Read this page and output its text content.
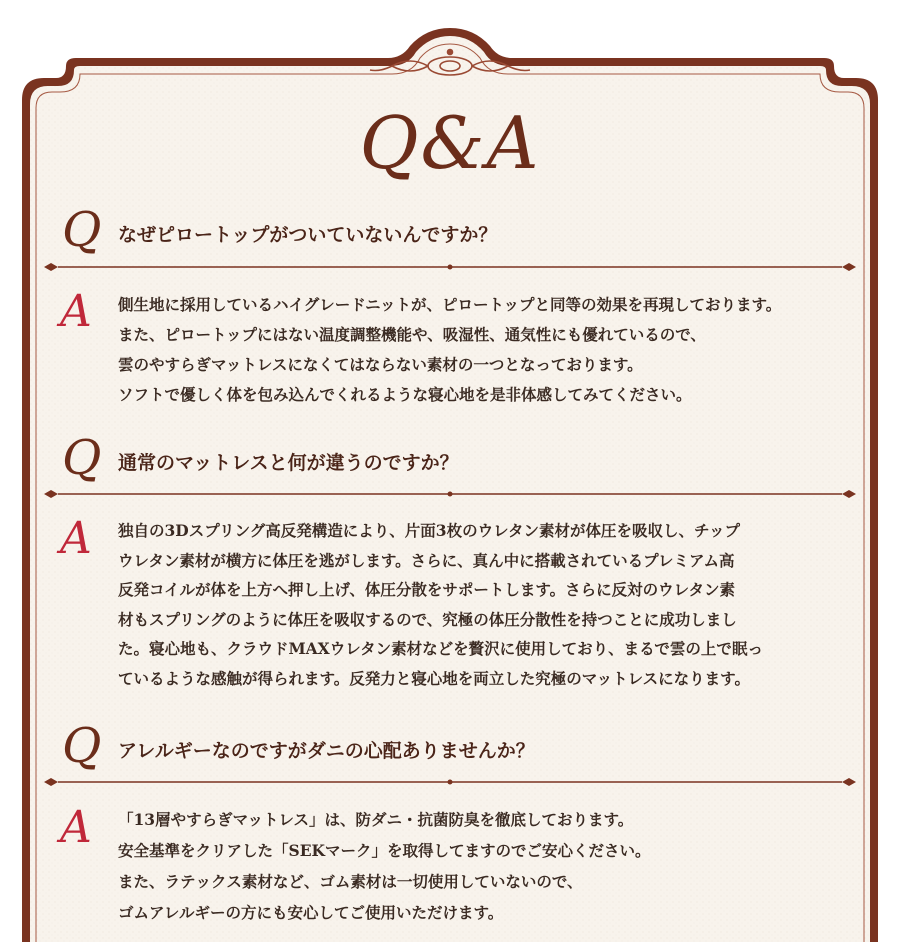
Q&A
Q なぜピロートップがついていないんですか？
A 側生地に採用しているハイグレードニットが、ピロートップと同等の効果を再現しております。
また、ピロートップにはない温度調整機能や、吸湿性、通気性にも優れているので、
雲のやすらぎマットレスになくてはならない素材の一つとなっております。
ソフトで優しく体を包み込んでくれるような寝心地を是非体感してみてください。
Q 通常のマットレスと何が違うのですか？
A 独自の3Dスプリング高反発構造により、片面3枚のウレタン素材が体圧を吸収し、チップ
ウレタン素材が横方に体圧を逃がします。さらに、真ん中に搭載されているプレミアム高
反発コイルが体を上方へ押し上げ、体圧分散をサポートします。さらに反対のウレタン素
材もスプリングのように体圧を吸収するので、究極の体圧分散性を持つことに成功しまし
た。寝心地も、クラウドMAXウレタン素材などを贅沢に使用しており、まるで雲の上で眠っ
ているような感触が得られます。反発力と寝心地を両立した究極のマットレスになります。
Q アレルギーなのですがダニの心配ありませんか？
A 「13層やすらぎマットレス」は、防ダニ・抗菌防臭を徹底しております。
安全基準をクリアした「SEKマーク」を取得してますのでご安心ください。
また、ラテックス素材など、ゴム素材は一切使用していないので、
ゴムアレルギーの方にも安心してご使用いただけます。
